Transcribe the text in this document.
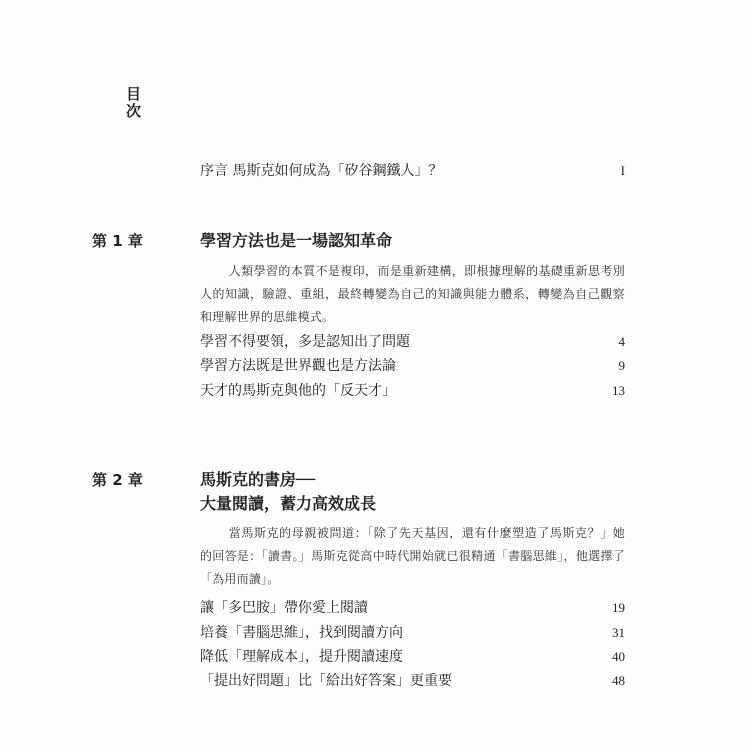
目次
序言 馬斯克如何成為「矽谷鋼鐵人」？	I
第 1 章	學習方法也是一場認知革命
人類學習的本質不是複印，而是重新建構，即根據理解的基礎重新思考別人的知識，驗證、重組，最終轉變為自己的知識與能力體系，轉變為自己觀察和理解世界的思維模式。
學習不得要領，多是認知出了問題	4
學習方法既是世界觀也是方法論	9
天才的馬斯克與他的「反天才」	13
第 2 章	馬斯克的書房──
大量閱讀，蓄力高效成長
當馬斯克的母親被問道：「除了先天基因，還有什麼塑造了馬斯克？」她的回答是：「讀書。」馬斯克從高中時代開始就已很精通「書腦思維」，他選擇了「為用而讀」。
讓「多巴胺」帶你愛上閱讀	19
培養「書腦思維」，找到閱讀方向	31
降低「理解成本」，提升閱讀速度	40
「提出好問題」比「給出好答案」更重要	48
